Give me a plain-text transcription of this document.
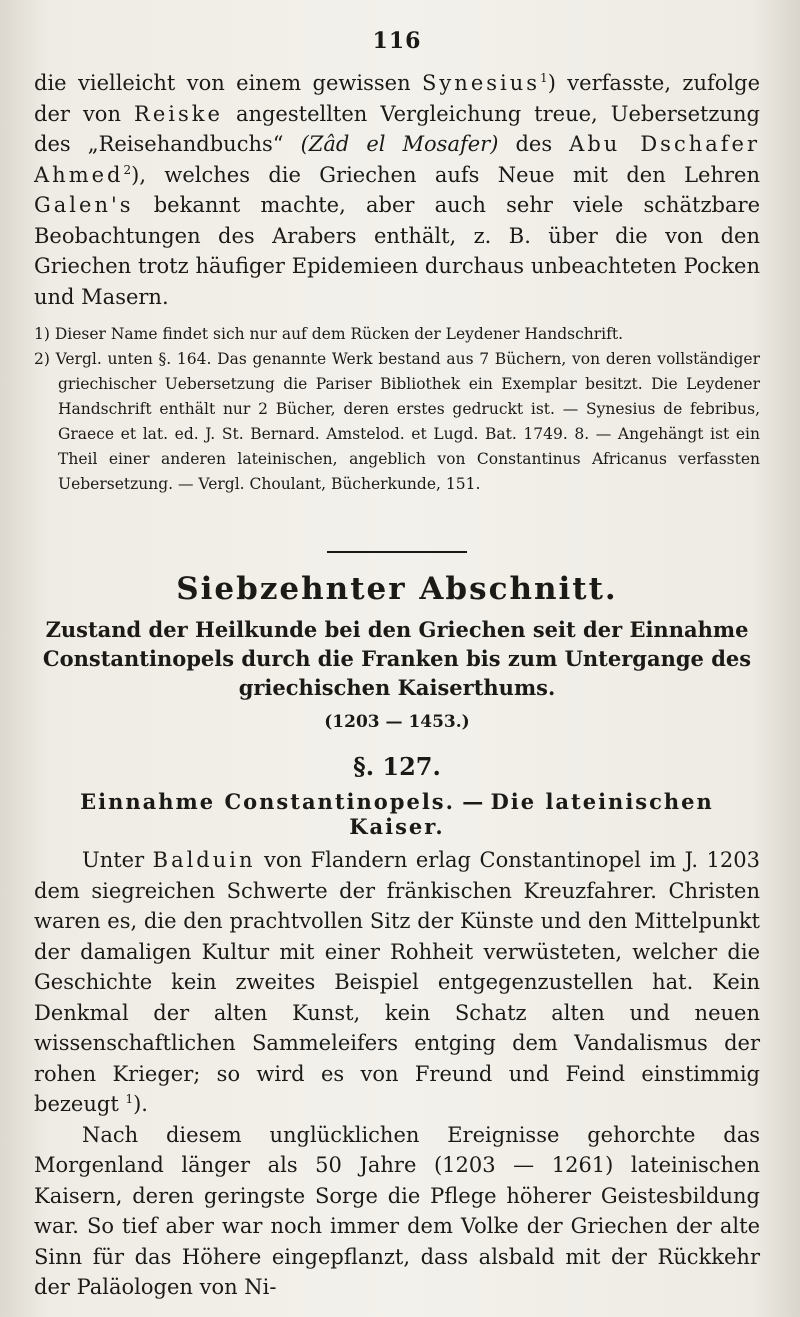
116

die vielleicht von einem gewissen Synesius$^1$) verfasste, zufolge der von Reiske angestellten Vergleichung treue, Uebersetzung des „Reisehandbuchs“ (Zâd el Mosafer) des Abu Dschafer Ahmed$^2$), welches die Griechen aufs Neue mit den Lehren Galen's bekannt machte, aber auch sehr viele schätzbare Beobachtungen des Arabers enthält, z. B. über die von den Griechen trotz häufiger Epidemieen durchaus unbeachteten Pocken und Masern.

1) Dieser Name findet sich nur auf dem Rücken der Leydener Handschrift.

2) Vergl. unten §. 164. Das genannte Werk bestand aus 7 Büchern, von deren vollständiger griechischer Uebersetzung die Pariser Bibliothek ein Exemplar besitzt. Die Leydener Handschrift enthält nur 2 Bücher, deren erstes gedruckt ist. — Synesius de febribus, Graece et lat. ed. J. St. Bernard. Amstelod. et Lugd. Bat. 1749. 8. — Angehängt ist ein Theil einer anderen lateinischen, angeblich von Constantinus Africanus verfassten Uebersetzung. — Vergl. Choulant, Bücherkunde, 151.

Siebzehnter Abschnitt.

Zustand der Heilkunde bei den Griechen seit der Einnahme Constantinopels durch die Franken bis zum Untergange des griechischen Kaiserthums.

(1203 — 1453.)
§. 127.
Einnahme Constantinopels. — Die lateinischen Kaiser.

Unter Balduin von Flandern erlag Constantinopel im J. 1203 dem siegreichen Schwerte der fränkischen Kreuzfahrer. Christen waren es, die den prachtvollen Sitz der Künste und den Mittelpunkt der damaligen Kultur mit einer Rohheit verwüsteten, welcher die Geschichte kein zweites Beispiel entgegenzustellen hat. Kein Denkmal der alten Kunst, kein Schatz alten und neuen wissenschaftlichen Sammeleifers entging dem Vandalismus der rohen Krieger; so wird es von Freund und Feind einstimmig bezeugt $^1$).

Nach diesem unglücklichen Ereignisse gehorchte das Morgenland länger als 50 Jahre (1203 — 1261) lateinischen Kaisern, deren geringste Sorge die Pflege höherer Geistesbildung war. So tief aber war noch immer dem Volke der Griechen der alte Sinn für das Höhere eingepflanzt, dass alsbald mit der Rückkehr der Paläologen von Ni-
